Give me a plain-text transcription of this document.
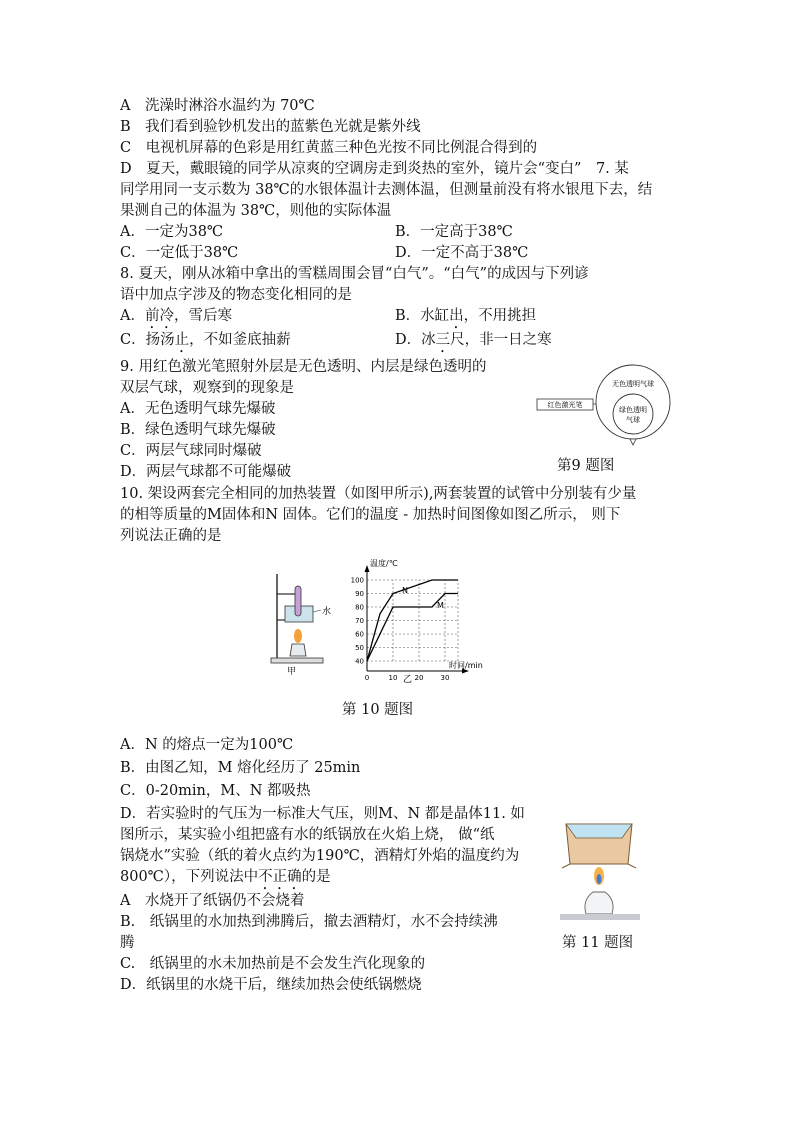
A　洗澡时淋浴水温约为 70℃
B　我们看到验钞机发出的蓝紫色光就是紫外线
C　电视机屏幕的色彩是用红黄蓝三种色光按不同比例混合得到的
D　夏天，戴眼镜的同学从凉爽的空调房走到炎热的室外，镜片会“变白”　7. 某
同学用同一支示数为 38℃的水银体温计去测体温，但测量前没有将水银甩下去，结
果测自己的体温为 38℃，则他的实际体温
A．一定为38℃	B．一定高于38℃
C．一定低于38℃	D．一定不高于38℃
8. 夏天，刚从冰箱中拿出的雪糕周围会冒“白气”。“白气”的成因与下列谚
语中加点字涉及的物态变化相同的是
A．前冷，雪后寒	B．水缸出，不用挑担
C．扬汤止，不如釜底抽薪	D．冰三尺，非一日之寒
9. 用红色激光笔照射外层是无色透明、内层是绿色透明的
双层气球，观察到的现象是
A．无色透明气球先爆破
B．绿色透明气球先爆破
C．两层气球同时爆破
D．两层气球都不可能爆破
红色激光笔
无色透明气球
绿色透明
气球
第9 题图
10. 架设两套完全相同的加热装置（如图甲所示),两套装置的试管中分别装有少量
的相等质量的M固体和N 固体。它们的温度 - 加热时间图像如图乙所示， 则下
列说法正确的是
水
甲
温度/℃
时间/min
40
50
60
70
80
90
100
0	10 20 30
N
M
乙
第 10 题图
A．N 的熔点一定为100℃
B．由图乙知，M 熔化经历了 25min
C．0-20min，M、N 都吸热
D．若实验时的气压为一标准大气压，则M、N 都是晶体11. 如
图所示，某实验小组把盛有水的纸锅放在火焰上烧， 做“纸
锅烧水”实验（纸的着火点约为190℃，酒精灯外焰的温度约为
800℃），下列说法中不正确的是
A　水烧开了纸锅仍不会烧着
B.　纸锅里的水加热到沸腾后，撤去酒精灯，水不会持续沸
腾
C.　纸锅里的水未加热前是不会发生汽化现象的
D．纸锅里的水烧干后，继续加热会使纸锅燃烧
第 11 题图
